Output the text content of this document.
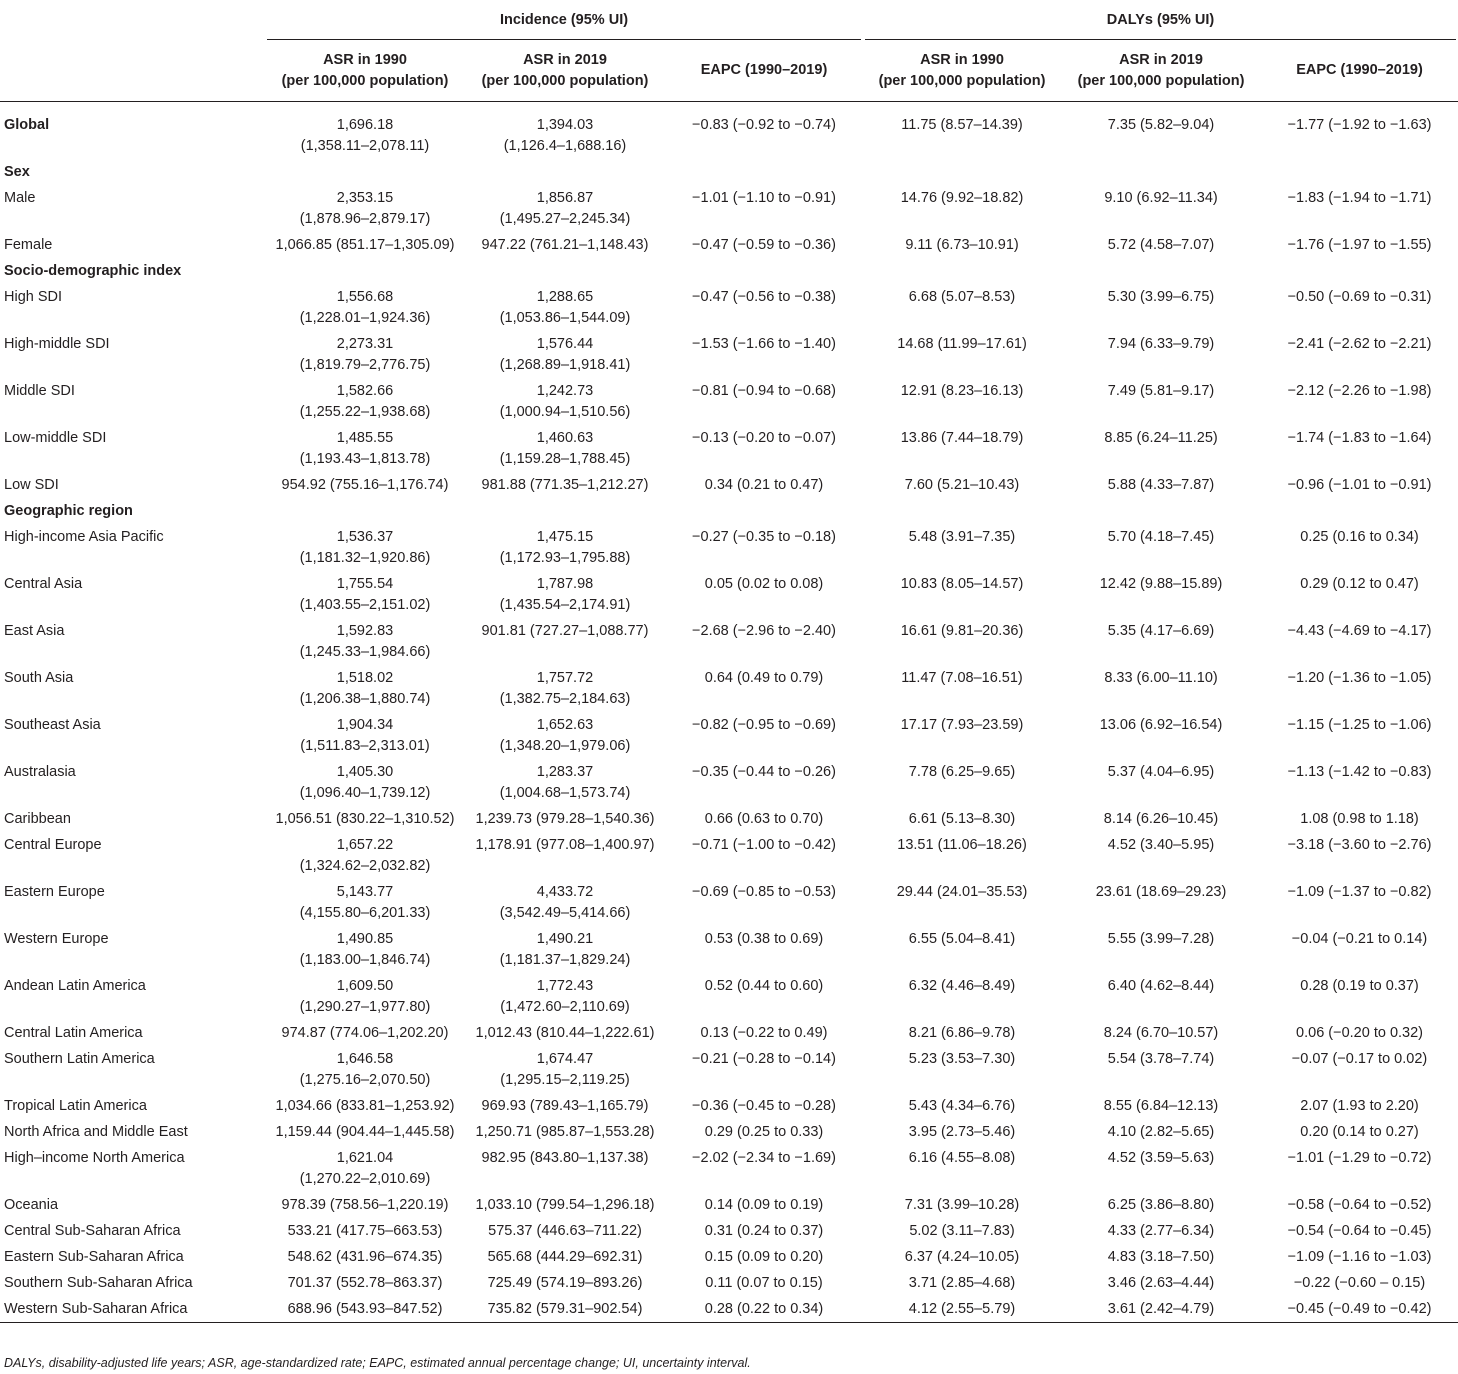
	Incidence (95% UI)			DALYs (95% UI)		

	ASR in 1990
(per 100,000 population)	ASR in 2019
(per 100,000 population)	EAPC (1990–2019)	ASR in 1990
(per 100,000 population)	ASR in 2019
(per 100,000 population)	EAPC (1990–2019)

Global	1,696.18
(1,358.11–2,078.11)	1,394.03
(1,126.4–1,688.16)	−0.83 (−0.92 to −0.74)	11.75 (8.57–14.39)	7.35 (5.82–9.04)	−1.77 (−1.92 to −1.63)

Sex						
Male	2,353.15
(1,878.96–2,879.17)	1,856.87
(1,495.27–2,245.34)	−1.01 (−1.10 to −0.91)	14.76 (9.92–18.82)	9.10 (6.92–11.34)	−1.83 (−1.94 to −1.71)

Female	1,066.85 (851.17–1,305.09)	947.22 (761.21–1,148.43)	−0.47 (−0.59 to −0.36)	9.11 (6.73–10.91)	5.72 (4.58–7.07)	−1.76 (−1.97 to −1.55)

Socio-demographic index						
High SDI	1,556.68
(1,228.01–1,924.36)	1,288.65
(1,053.86–1,544.09)	−0.47 (−0.56 to −0.38)	6.68 (5.07–8.53)	5.30 (3.99–6.75)	−0.50 (−0.69 to −0.31)

High-middle SDI	2,273.31
(1,819.79–2,776.75)	1,576.44
(1,268.89–1,918.41)	−1.53 (−1.66 to −1.40)	14.68 (11.99–17.61)	7.94 (6.33–9.79)	−2.41 (−2.62 to −2.21)

Middle SDI	1,582.66
(1,255.22–1,938.68)	1,242.73
(1,000.94–1,510.56)	−0.81 (−0.94 to −0.68)	12.91 (8.23–16.13)	7.49 (5.81–9.17)	−2.12 (−2.26 to −1.98)

Low-middle SDI	1,485.55
(1,193.43–1,813.78)	1,460.63
(1,159.28–1,788.45)	−0.13 (−0.20 to −0.07)	13.86 (7.44–18.79)	8.85 (6.24–11.25)	−1.74 (−1.83 to −1.64)

Low SDI	954.92 (755.16–1,176.74)	981.88 (771.35–1,212.27)	0.34 (0.21 to 0.47)	7.60 (5.21–10.43)	5.88 (4.33–7.87)	−0.96 (−1.01 to −0.91)

Geographic region						
High-income Asia Pacific	1,536.37
(1,181.32–1,920.86)	1,475.15
(1,172.93–1,795.88)	−0.27 (−0.35 to −0.18)	5.48 (3.91–7.35)	5.70 (4.18–7.45)	0.25 (0.16 to 0.34)

Central Asia	1,755.54
(1,403.55–2,151.02)	1,787.98
(1,435.54–2,174.91)	0.05 (0.02 to 0.08)	10.83 (8.05–14.57)	12.42 (9.88–15.89)	0.29 (0.12 to 0.47)

East Asia	1,592.83
(1,245.33–1,984.66)	901.81 (727.27–1,088.77)	−2.68 (−2.96 to −2.40)	16.61 (9.81–20.36)	5.35 (4.17–6.69)	−4.43 (−4.69 to −4.17)

South Asia	1,518.02
(1,206.38–1,880.74)	1,757.72
(1,382.75–2,184.63)	0.64 (0.49 to 0.79)	11.47 (7.08–16.51)	8.33 (6.00–11.10)	−1.20 (−1.36 to −1.05)

Southeast Asia	1,904.34
(1,511.83–2,313.01)	1,652.63
(1,348.20–1,979.06)	−0.82 (−0.95 to −0.69)	17.17 (7.93–23.59)	13.06 (6.92–16.54)	−1.15 (−1.25 to −1.06)

Australasia	1,405.30
(1,096.40–1,739.12)	1,283.37
(1,004.68–1,573.74)	−0.35 (−0.44 to −0.26)	7.78 (6.25–9.65)	5.37 (4.04–6.95)	−1.13 (−1.42 to −0.83)

Caribbean	1,056.51 (830.22–1,310.52)	1,239.73 (979.28–1,540.36)	0.66 (0.63 to 0.70)	6.61 (5.13–8.30)	8.14 (6.26–10.45)	1.08 (0.98 to 1.18)

Central Europe	1,657.22
(1,324.62–2,032.82)	1,178.91 (977.08–1,400.97)	−0.71 (−1.00 to −0.42)	13.51 (11.06–18.26)	4.52 (3.40–5.95)	−3.18 (−3.60 to −2.76)

Eastern Europe	5,143.77
(4,155.80–6,201.33)	4,433.72
(3,542.49–5,414.66)	−0.69 (−0.85 to −0.53)	29.44 (24.01–35.53)	23.61 (18.69–29.23)	−1.09 (−1.37 to −0.82)

Western Europe	1,490.85
(1,183.00–1,846.74)	1,490.21
(1,181.37–1,829.24)	0.53 (0.38 to 0.69)	6.55 (5.04–8.41)	5.55 (3.99–7.28)	−0.04 (−0.21 to 0.14)

Andean Latin America	1,609.50
(1,290.27–1,977.80)	1,772.43
(1,472.60–2,110.69)	0.52 (0.44 to 0.60)	6.32 (4.46–8.49)	6.40 (4.62–8.44)	0.28 (0.19 to 0.37)

Central Latin America	974.87 (774.06–1,202.20)	1,012.43 (810.44–1,222.61)	0.13 (−0.22 to 0.49)	8.21 (6.86–9.78)	8.24 (6.70–10.57)	0.06 (−0.20 to 0.32)

Southern Latin America	1,646.58
(1,275.16–2,070.50)	1,674.47
(1,295.15–2,119.25)	−0.21 (−0.28 to −0.14)	5.23 (3.53–7.30)	5.54 (3.78–7.74)	−0.07 (−0.17 to 0.02)

Tropical Latin America	1,034.66 (833.81–1,253.92)	969.93 (789.43–1,165.79)	−0.36 (−0.45 to −0.28)	5.43 (4.34–6.76)	8.55 (6.84–12.13)	2.07 (1.93 to 2.20)

North Africa and Middle East	1,159.44 (904.44–1,445.58)	1,250.71 (985.87–1,553.28)	0.29 (0.25 to 0.33)	3.95 (2.73–5.46)	4.10 (2.82–5.65)	0.20 (0.14 to 0.27)

High–income North America	1,621.04
(1,270.22–2,010.69)	982.95 (843.80–1,137.38)	−2.02 (−2.34 to −1.69)	6.16 (4.55–8.08)	4.52 (3.59–5.63)	−1.01 (−1.29 to −0.72)

Oceania	978.39 (758.56–1,220.19)	1,033.10 (799.54–1,296.18)	0.14 (0.09 to 0.19)	7.31 (3.99–10.28)	6.25 (3.86–8.80)	−0.58 (−0.64 to −0.52)

Central Sub-Saharan Africa	533.21 (417.75–663.53)	575.37 (446.63–711.22)	0.31 (0.24 to 0.37)	5.02 (3.11–7.83)	4.33 (2.77–6.34)	−0.54 (−0.64 to −0.45)

Eastern Sub-Saharan Africa	548.62 (431.96–674.35)	565.68 (444.29–692.31)	0.15 (0.09 to 0.20)	6.37 (4.24–10.05)	4.83 (3.18–7.50)	−1.09 (−1.16 to −1.03)

Southern Sub-Saharan Africa	701.37 (552.78–863.37)	725.49 (574.19–893.26)	0.11 (0.07 to 0.15)	3.71 (2.85–4.68)	3.46 (2.63–4.44)	−0.22 (−0.60 – 0.15)

Western Sub-Saharan Africa	688.96 (543.93–847.52)	735.82 (579.31–902.54)	0.28 (0.22 to 0.34)	4.12 (2.55–5.79)	3.61 (2.42–4.79)	−0.45 (−0.49 to −0.42)
DALYs, disability-adjusted life years; ASR, age-standardized rate; EAPC, estimated annual percentage change; UI, uncertainty interval.
